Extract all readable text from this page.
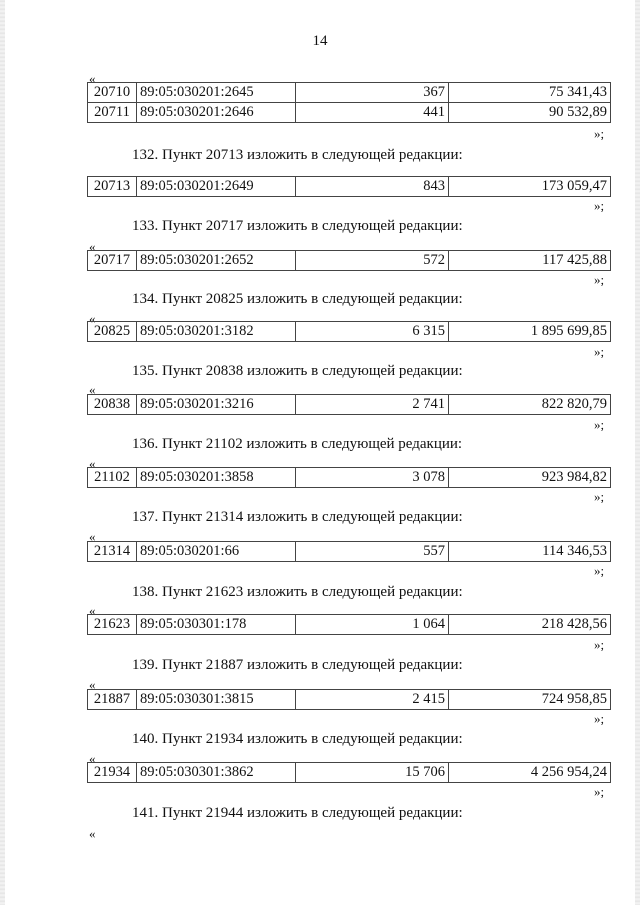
14
«
20710	89:05:030201:2645	367	75 341,43
20711	89:05:030201:2646	441	90 532,89
»;
132. Пункт 20713 изложить в следующей редакции:
20713	89:05:030201:2649	843	173 059,47
»;
133. Пункт 20717 изложить в следующей редакции:
«
20717	89:05:030201:2652	572	117 425,88
»;
134. Пункт 20825 изложить в следующей редакции:
«
20825	89:05:030201:3182	6 315	1 895 699,85
»;
135. Пункт 20838 изложить в следующей редакции:
«
20838	89:05:030201:3216	2 741	822 820,79
»;
136. Пункт 21102 изложить в следующей редакции:
«
21102	89:05:030201:3858	3 078	923 984,82
»;
137. Пункт 21314 изложить в следующей редакции:
«
21314	89:05:030201:66	557	114 346,53
»;
138. Пункт 21623 изложить в следующей редакции:
«
21623	89:05:030301:178	1 064	218 428,56
»;
139. Пункт 21887 изложить в следующей редакции:
«
21887	89:05:030301:3815	2 415	724 958,85
»;
140. Пункт 21934 изложить в следующей редакции:
«
21934	89:05:030301:3862	15 706	4 256 954,24
»;
141. Пункт 21944 изложить в следующей редакции:
«
